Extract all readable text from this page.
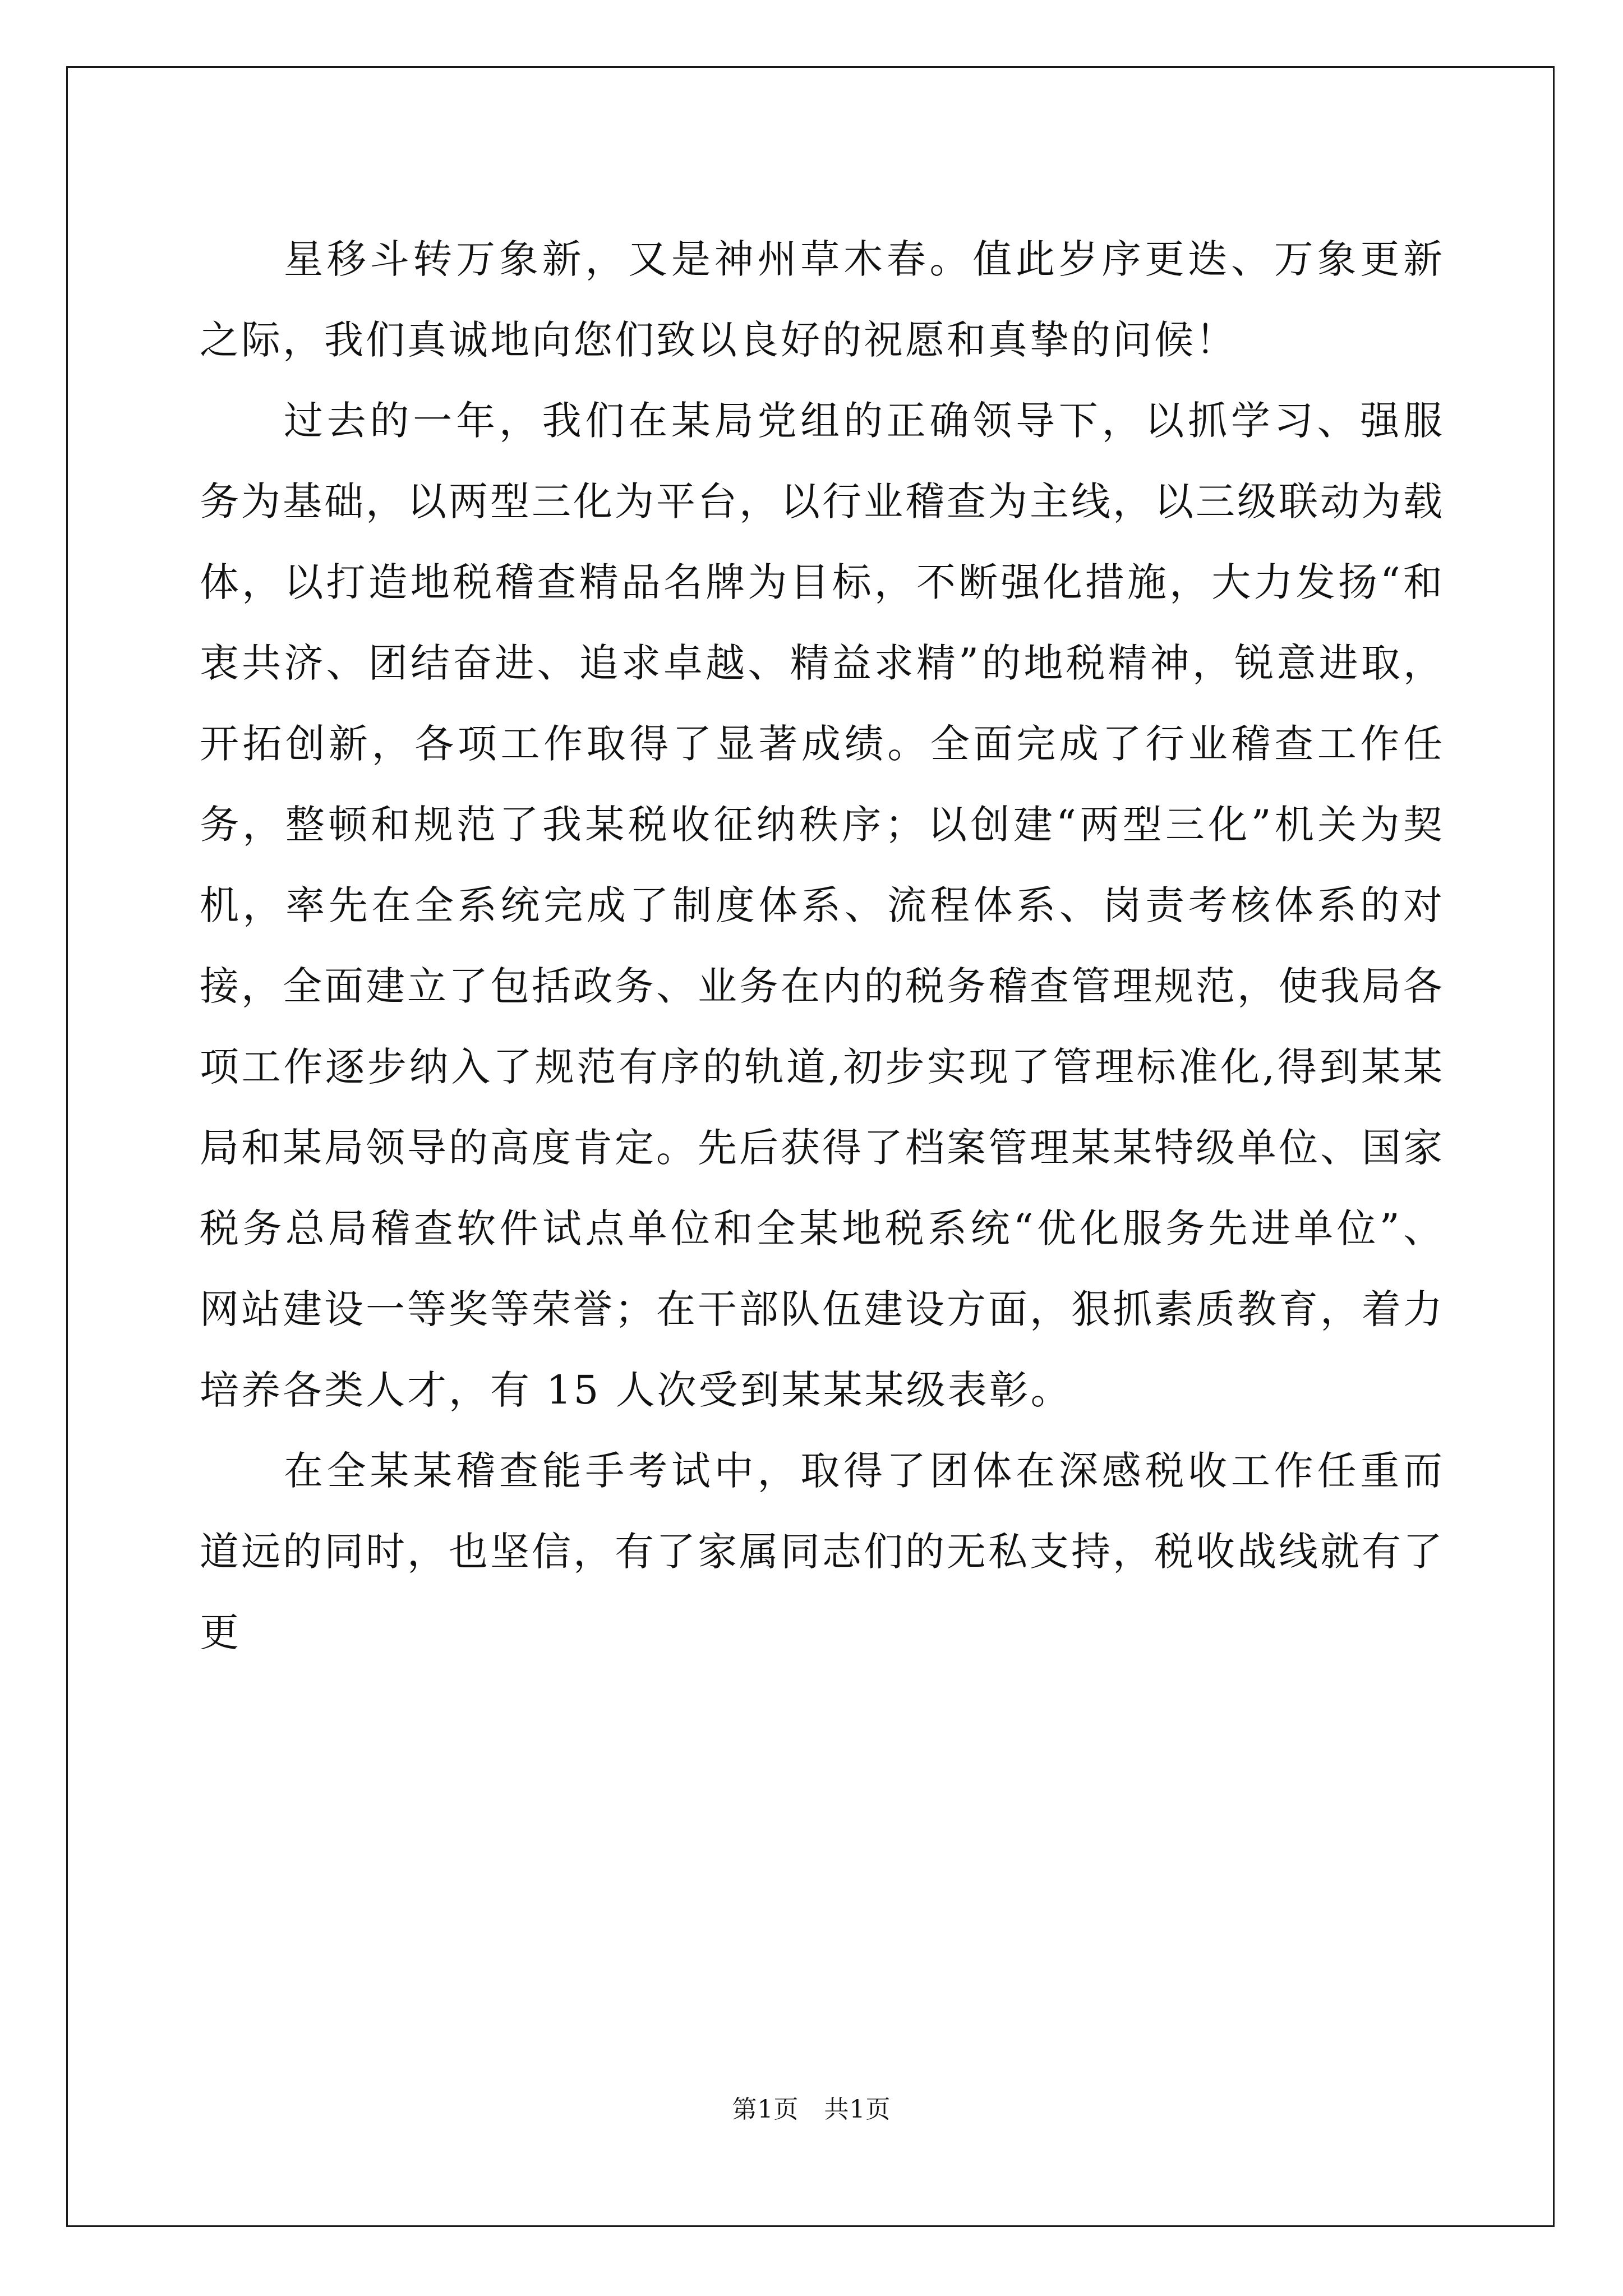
星移斗转万象新，又是神州草木春。值此岁序更迭、万象更新之际，我们真诚地向您们致以良好的祝愿和真挚的问候！

过去的一年，我们在某局党组的正确领导下，以抓学习、强服务为基础，以两型三化为平台，以行业稽查为主线，以三级联动为载体，以打造地税稽查精品名牌为目标，不断强化措施，大力发扬“和衷共济、团结奋进、追求卓越、精益求精”的地税精神，锐意进取，开拓创新，各项工作取得了显著成绩。全面完成了行业稽查工作任务，整顿和规范了我某税收征纳秩序；以创建“两型三化”机关为契机，率先在全系统完成了制度体系、流程体系、岗责考核体系的对接，全面建立了包括政务、业务在内的税务稽查管理规范，使我局各项工作逐步纳入了规范有序的轨道,初步实现了管理标准化,得到某某局和某局领导的高度肯定。先后获得了档案管理某某特级单位、国家税务总局稽查软件试点单位和全某地税系统“优化服务先进单位”、网站建设一等奖等荣誉；在干部队伍建设方面，狠抓素质教育，着力培养各类人才，有 15 人次受到某某某级表彰。

在全某某稽查能手考试中，取得了团体在深感税收工作任重而道远的同时，也坚信，有了家属同志们的无私支持，税收战线就有了更

第1页 共1页
